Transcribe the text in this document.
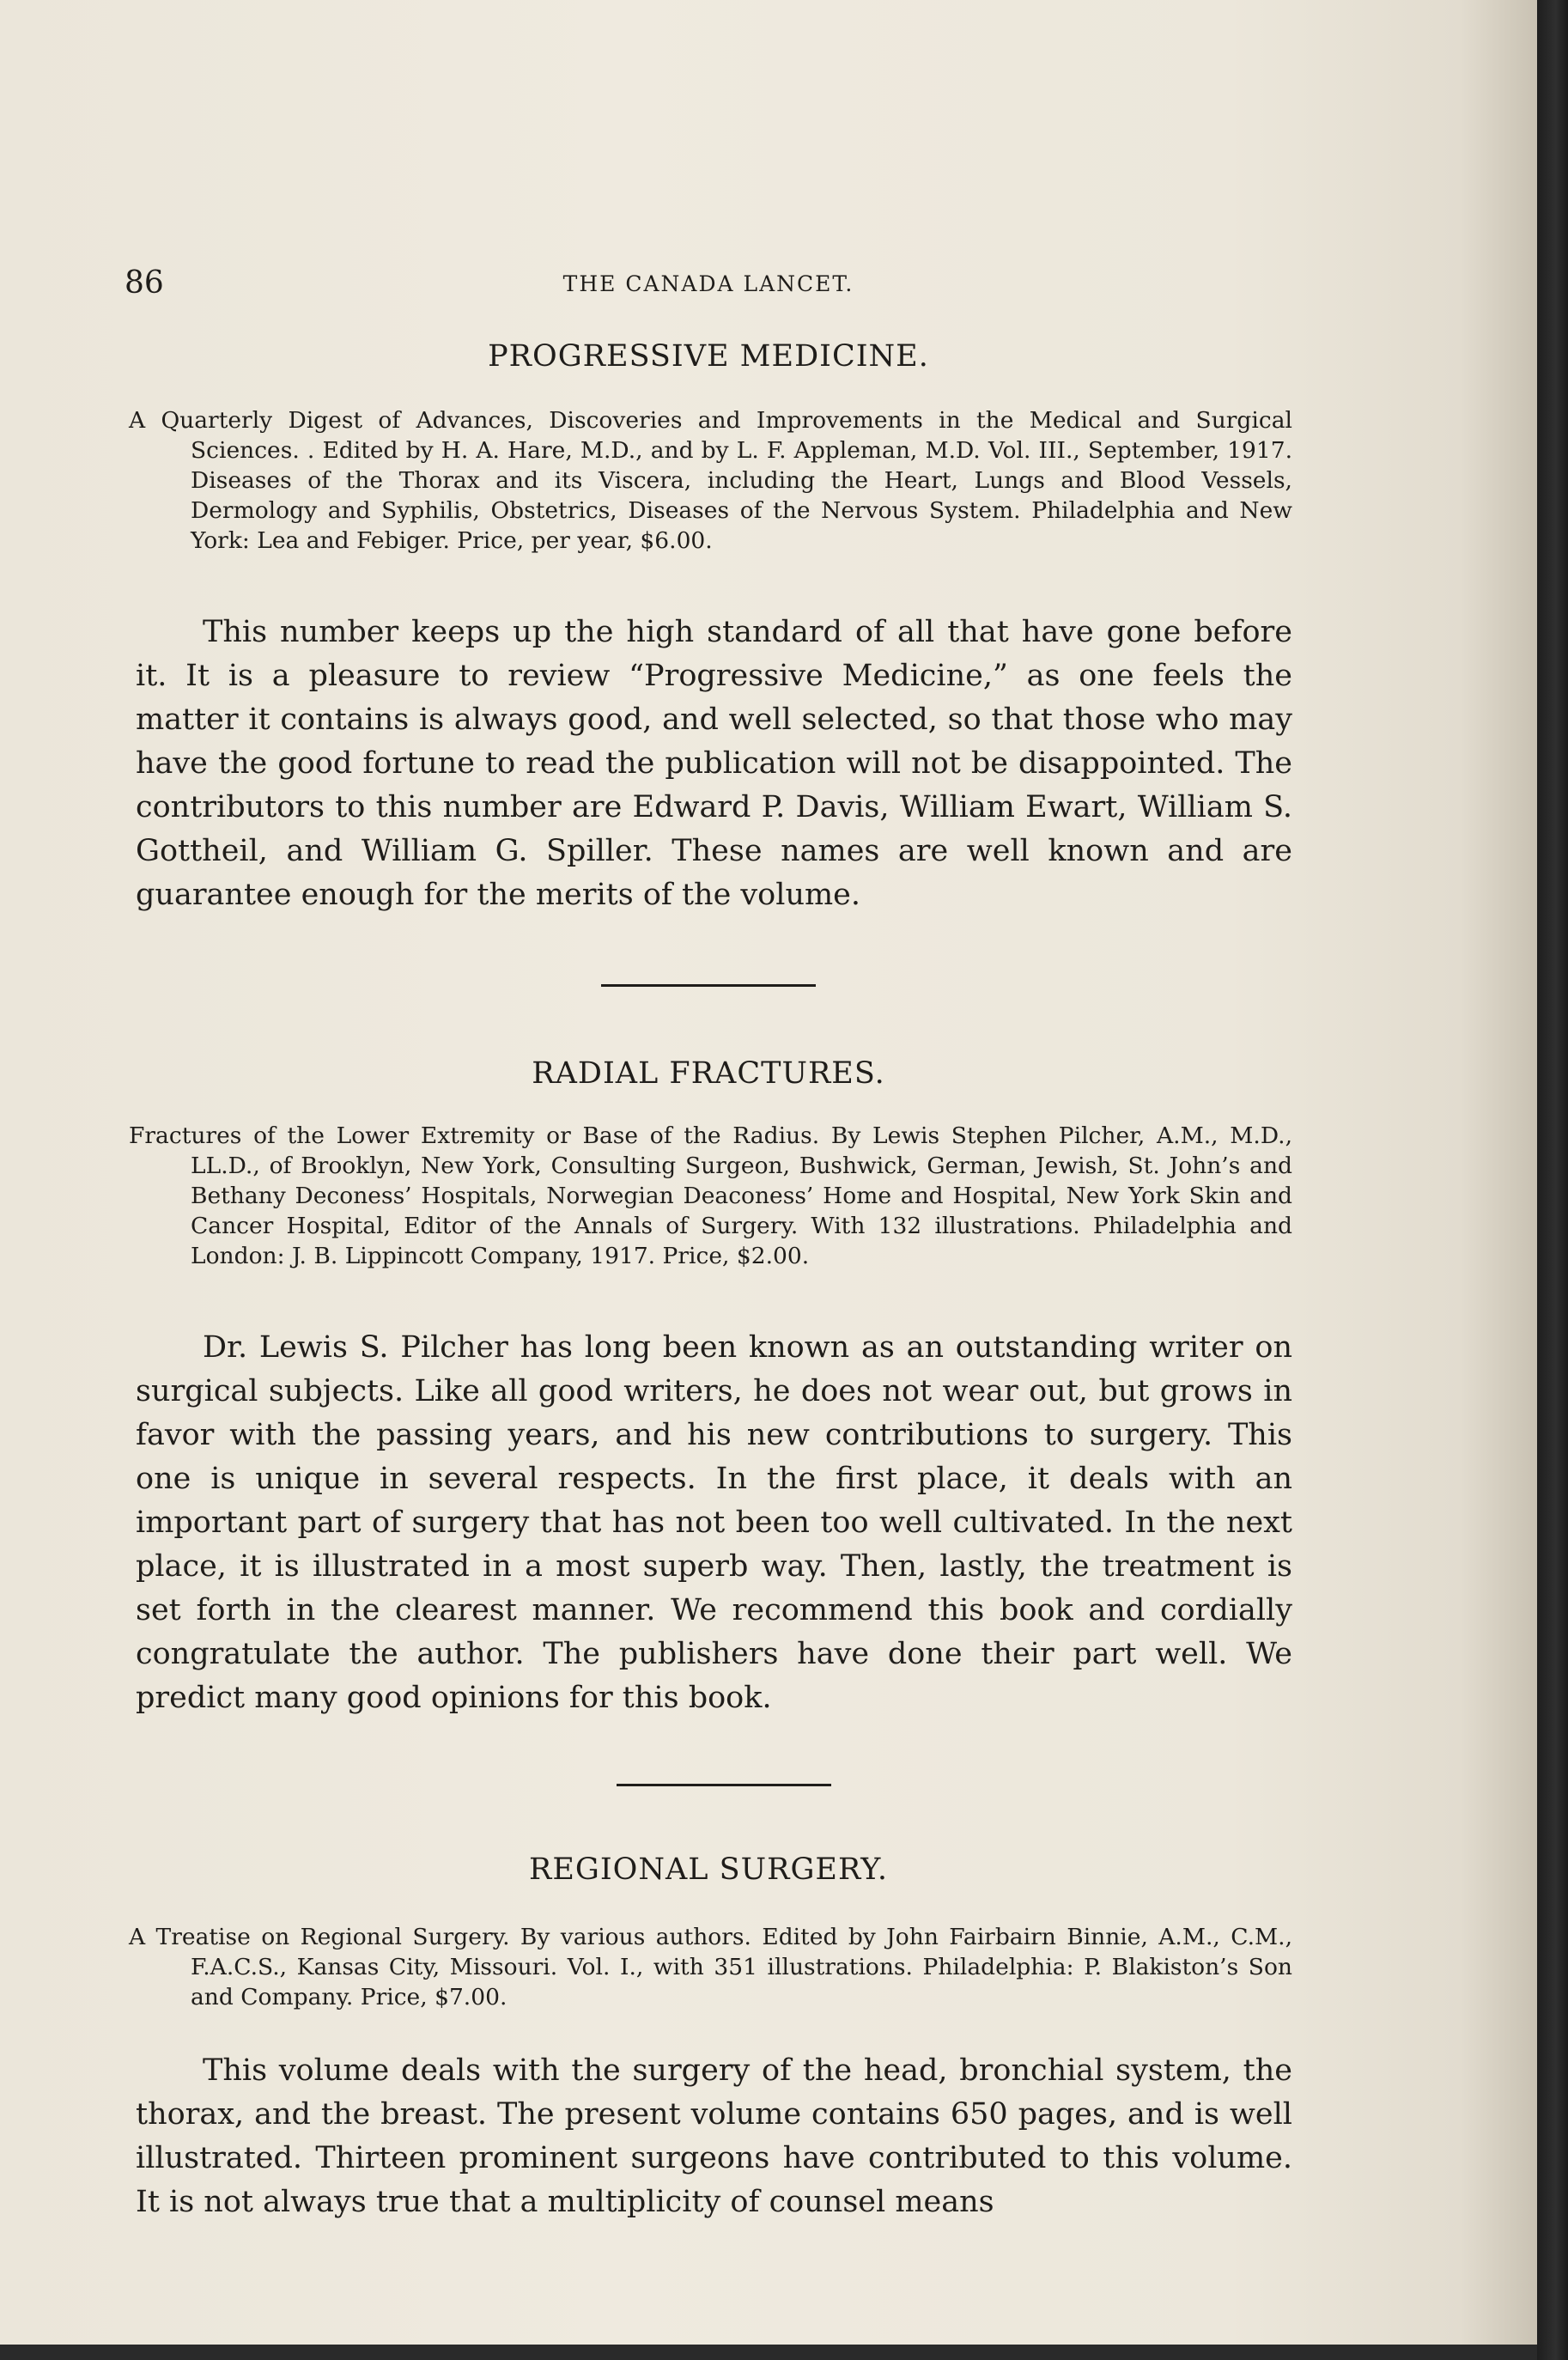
86	THE CANADA LANCET.
PROGRESSIVE MEDICINE.
A Quarterly Digest of Advances, Discoveries and Improvements in the Medical and Surgical Sciences. . Edited by H. A. Hare, M.D., and by L. F. Appleman, M.D. Vol. III., September, 1917. Diseases of the Thorax and its Viscera, including the Heart, Lungs and Blood Vessels, Dermology and Syphilis, Obstetrics, Diseases of the Nervous System. Philadelphia and New York: Lea and Febiger. Price, per year, $6.00.
This number keeps up the high standard of all that have gone before it. It is a pleasure to review “Progressive Medicine,” as one feels the matter it contains is always good, and well selected, so that those who may have the good fortune to read the publication will not be disappointed. The contributors to this number are Edward P. Davis, William Ewart, William S. Gottheil, and William G. Spiller. These names are well known and are guarantee enough for the merits of the volume.
RADIAL FRACTURES.
Fractures of the Lower Extremity or Base of the Radius. By Lewis Stephen Pilcher, A.M., M.D., LL.D., of Brooklyn, New York, Consulting Surgeon, Bushwick, German, Jewish, St. John’s and Bethany Deconess’ Hospitals, Norwegian Deaconess’ Home and Hospital, New York Skin and Cancer Hospital, Editor of the Annals of Surgery. With 132 illustrations. Philadelphia and London: J. B. Lippincott Company, 1917. Price, $2.00.
Dr. Lewis S. Pilcher has long been known as an outstanding writer on surgical subjects. Like all good writers, he does not wear out, but grows in favor with the passing years, and his new contributions to surgery. This one is unique in several respects. In the first place, it deals with an important part of surgery that has not been too well cultivated. In the next place, it is illustrated in a most superb way. Then, lastly, the treatment is set forth in the clearest manner. We recommend this book and cordially congratulate the author. The publishers have done their part well. We predict many good opinions for this book.
REGIONAL SURGERY.
A Treatise on Regional Surgery. By various authors. Edited by John Fairbairn Binnie, A.M., C.M., F.A.C.S., Kansas City, Missouri. Vol. I., with 351 illustrations. Philadelphia: P. Blakiston’s Son and Company. Price, $7.00.
This volume deals with the surgery of the head, bronchial system, the thorax, and the breast. The present volume contains 650 pages, and is well illustrated. Thirteen prominent surgeons have contributed to this volume. It is not always true that a multiplicity of counsel means
